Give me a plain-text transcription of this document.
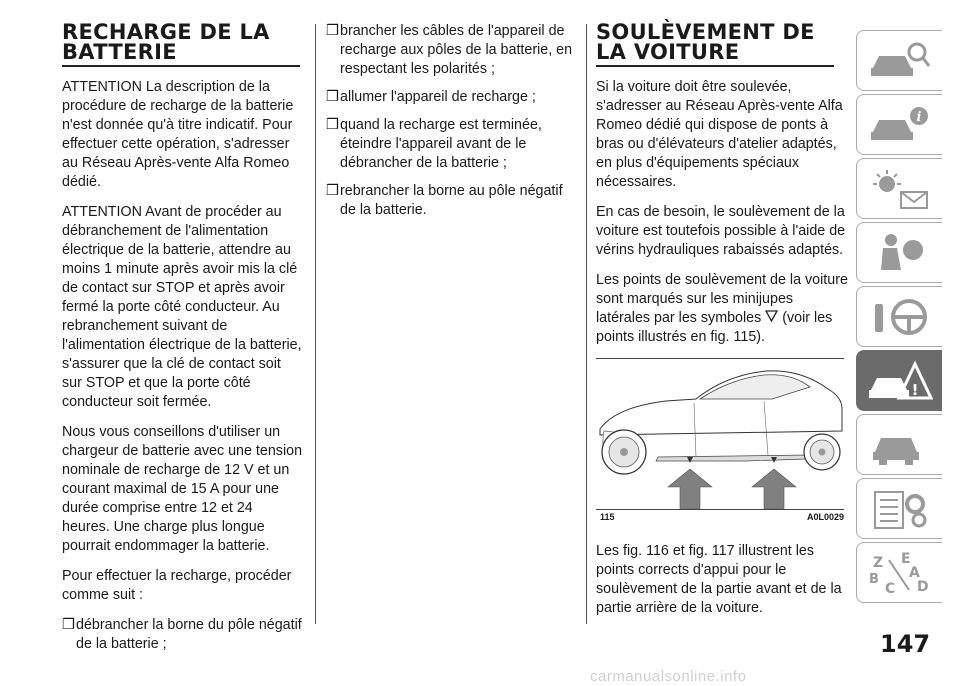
RECHARGE DE LA BATTERIE

ATTENTION La description de la procédure de recharge de la batterie n'est donnée qu'à titre indicatif. Pour effectuer cette opération, s'adresser au Réseau Après-vente Alfa Romeo dédié.

ATTENTION Avant de procéder au débranchement de l'alimentation électrique de la batterie, attendre au moins 1 minute après avoir mis la clé de contact sur STOP et après avoir fermé la porte côté conducteur. Au rebranchement suivant de l'alimentation électrique de la batterie, s'assurer que la clé de contact soit sur STOP et que la porte côté conducteur soit fermée.

Nous vous conseillons d'utiliser un chargeur de batterie avec une tension nominale de recharge de 12 V et un courant maximal de 15 A pour une durée comprise entre 12 et 24 heures. Une charge plus longue pourrait endommager la batterie.

Pour effectuer la recharge, procéder comme suit :

❒ débrancher la borne du pôle négatif de la batterie ;
❒ brancher les câbles de l'appareil de recharge aux pôles de la batterie, en respectant les polarités ;
❒ allumer l'appareil de recharge ;
❒ quand la recharge est terminée, éteindre l'appareil avant de le débrancher de la batterie ;
❒ rebrancher la borne au pôle négatif de la batterie.
SOULÈVEMENT DE LA VOITURE

Si la voiture doit être soulevée, s'adresser au Réseau Après-vente Alfa Romeo dédié qui dispose de ponts à bras ou d'élévateurs d'atelier adaptés, en plus d'équipements spéciaux nécessaires.

En cas de besoin, le soulèvement de la voiture est toutefois possible à l'aide de vérins hydrauliques rabaissés adaptés.

Les points de soulèvement de la voiture sont marqués sur les minijupes latérales par les symboles (voir les points illustrés en fig. 115).

115	A0L0029

Les fig. 116 et fig. 117 illustrent les points corrects d'appui pour le soulèvement de la partie avant et de la partie arrière de la voiture.

i
!
Z E
A
B
C D
147
carmanualsonline.info
